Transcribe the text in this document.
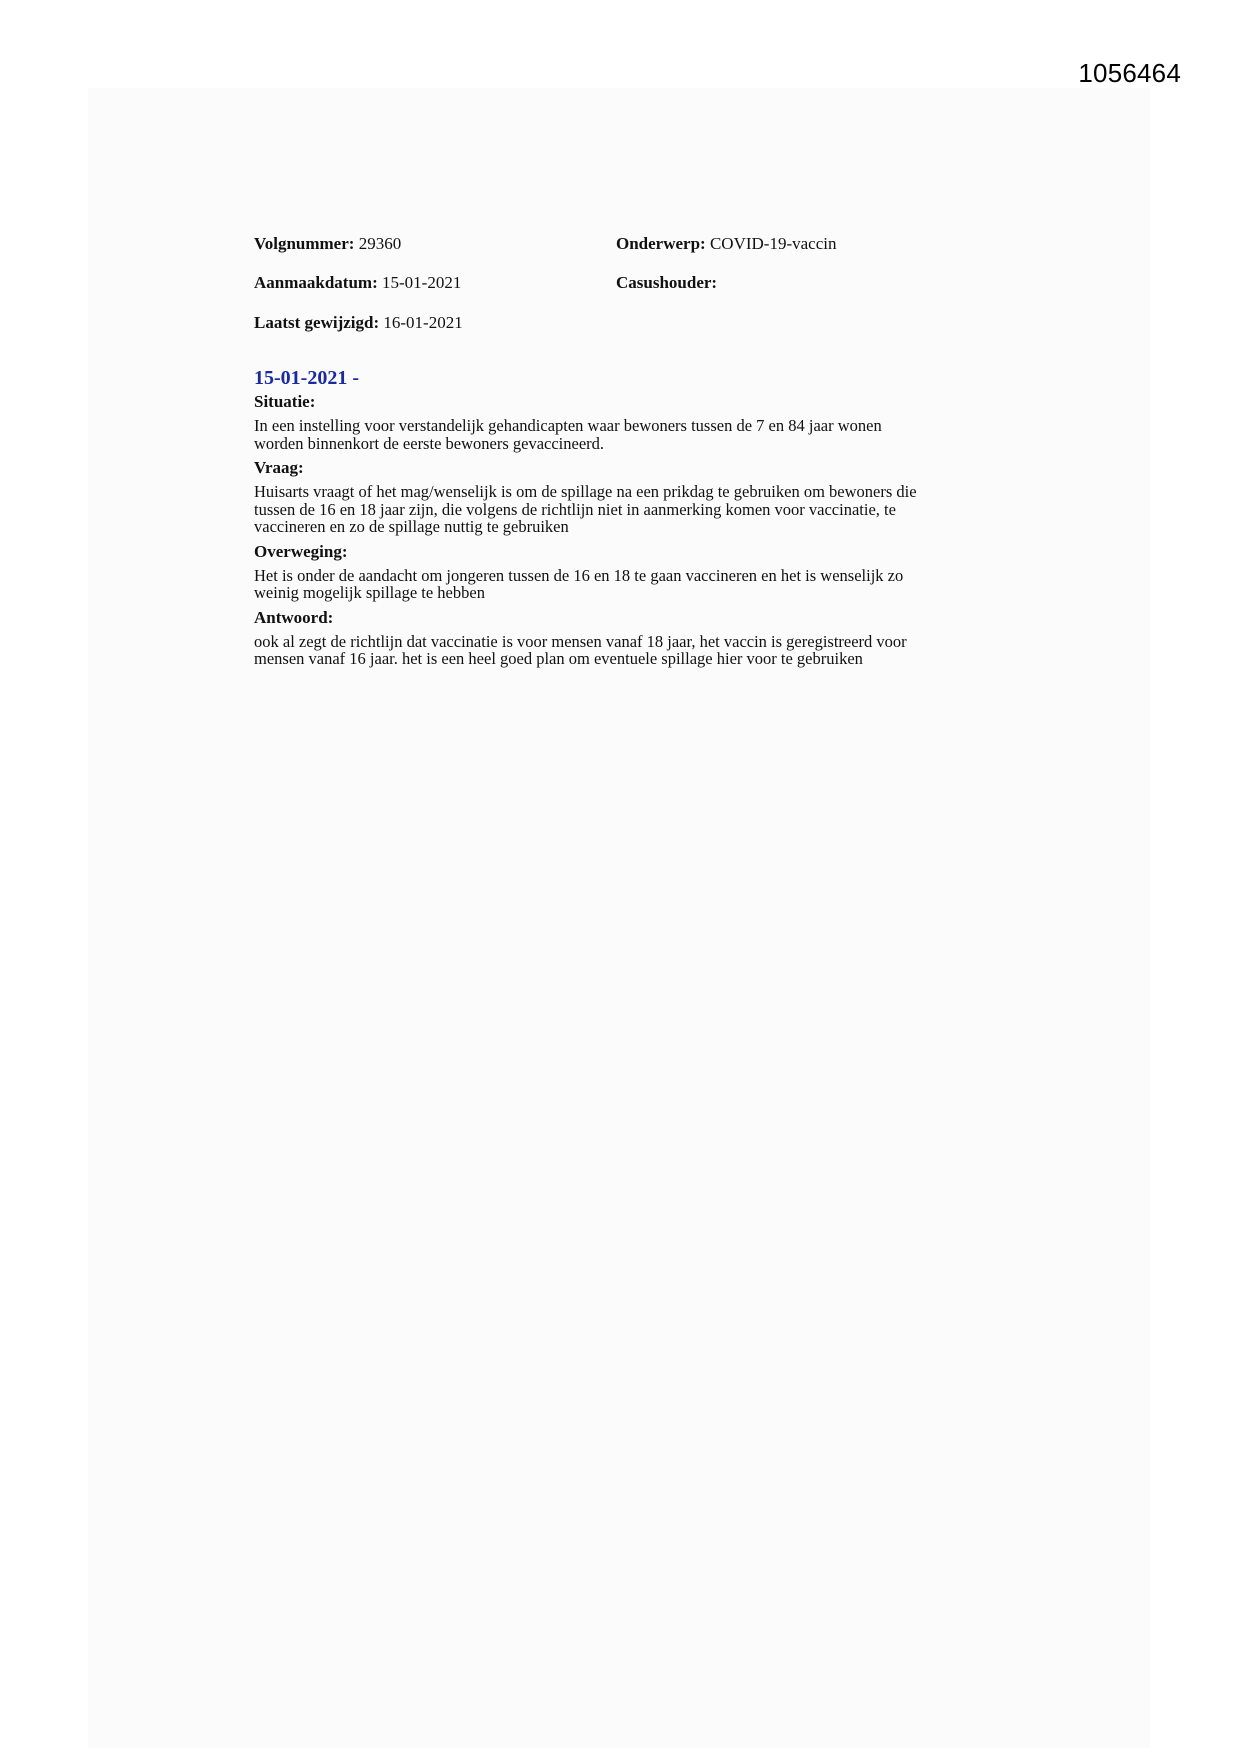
1056464
Volgnummer: 29360	Onderwerp: COVID-19-vaccin
Aanmaakdatum: 15-01-2021	Casushouder:
Laatst gewijzigd: 16-01-2021
15-01-2021 -
Situatie:
In een instelling voor verstandelijk gehandicapten waar bewoners tussen de 7 en 84 jaar wonen
worden binnenkort de eerste bewoners gevaccineerd.
Vraag:
Huisarts vraagt of het mag/wenselijk is om de spillage na een prikdag te gebruiken om bewoners die
tussen de 16 en 18 jaar zijn, die volgens de richtlijn niet in aanmerking komen voor vaccinatie, te
vaccineren en zo de spillage nuttig te gebruiken
Overweging:
Het is onder de aandacht om jongeren tussen de 16 en 18 te gaan vaccineren en het is wenselijk zo
weinig mogelijk spillage te hebben
Antwoord:
ook al zegt de richtlijn dat vaccinatie is voor mensen vanaf 18 jaar, het vaccin is geregistreerd voor
mensen vanaf 16 jaar. het is een heel goed plan om eventuele spillage hier voor te gebruiken
